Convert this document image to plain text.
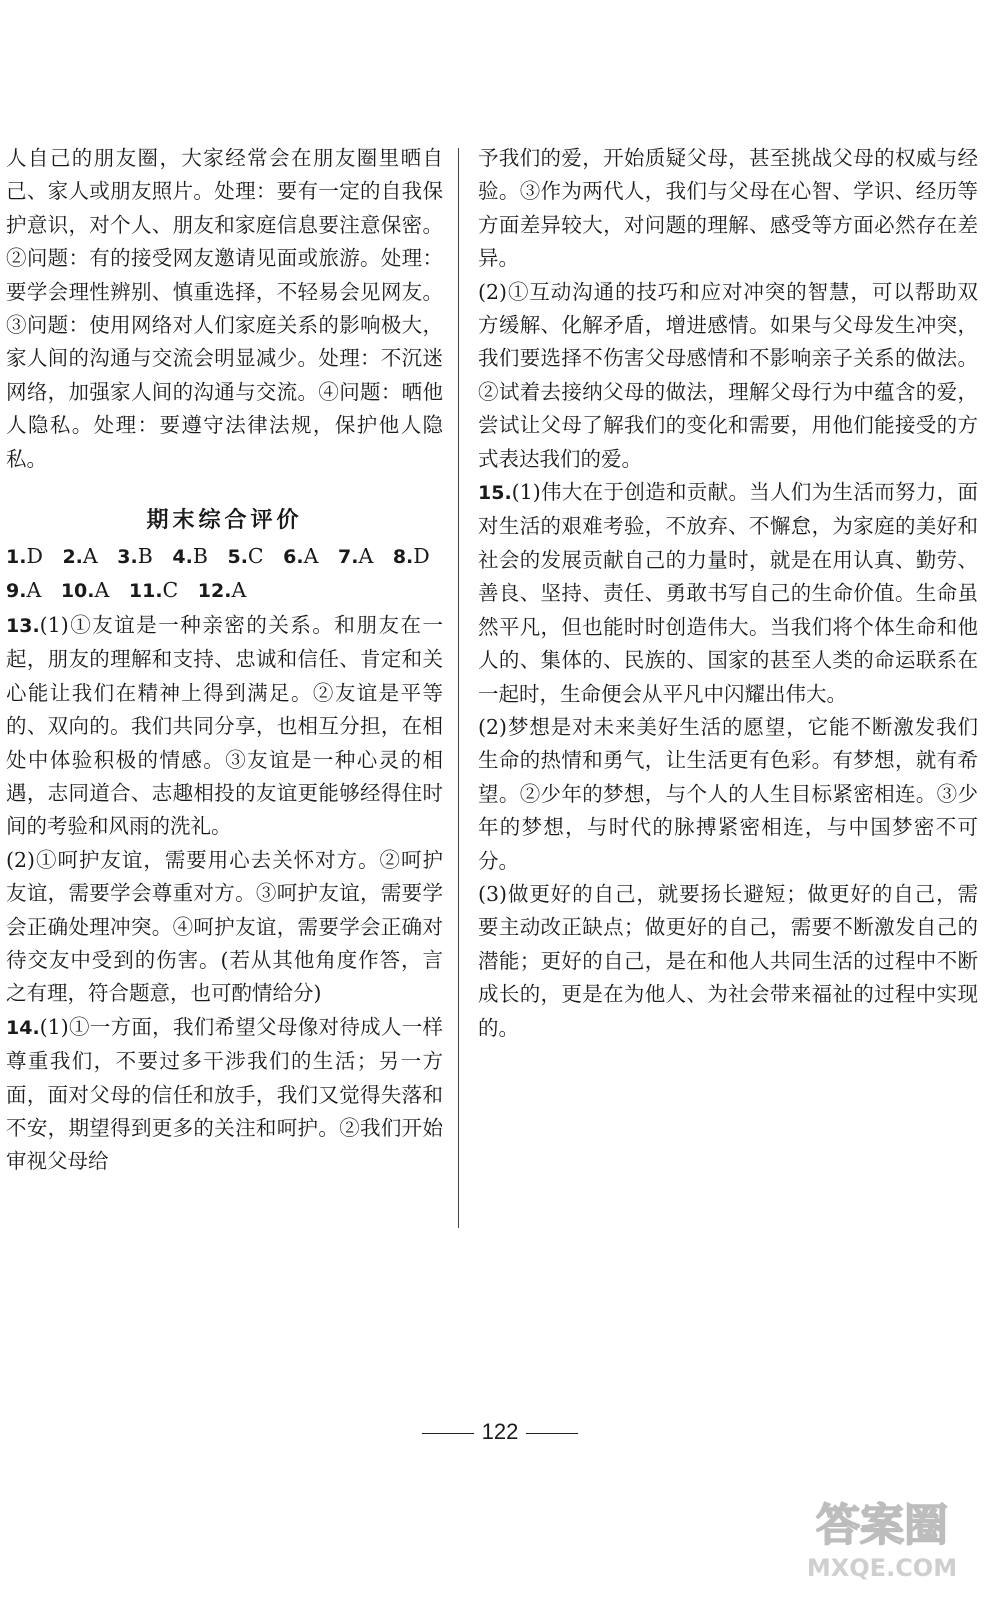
人自己的朋友圈，大家经常会在朋友圈里晒自己、家人或朋友照片。处理：要有一定的自我保护意识，对个人、朋友和家庭信息要注意保密。②问题：有的接受网友邀请见面或旅游。处理：要学会理性辨别、慎重选择，不轻易会见网友。③问题：使用网络对人们家庭关系的影响极大，家人间的沟通与交流会明显减少。处理：不沉迷网络，加强家人间的沟通与交流。④问题：晒他人隐私。处理：要遵守法律法规，保护他人隐私。

期末综合评价

1.D 2.A 3.B 4.B 5.C 6.A 7.A 8.D

9.A 10.A 11.C 12.A

13.(1)①友谊是一种亲密的关系。和朋友在一起，朋友的理解和支持、忠诚和信任、肯定和关心能让我们在精神上得到满足。②友谊是平等的、双向的。我们共同分享，也相互分担，在相处中体验积极的情感。③友谊是一种心灵的相遇，志同道合、志趣相投的友谊更能够经得住时间的考验和风雨的洗礼。

(2)①呵护友谊，需要用心去关怀对方。②呵护友谊，需要学会尊重对方。③呵护友谊，需要学会正确处理冲突。④呵护友谊，需要学会正确对待交友中受到的伤害。(若从其他角度作答，言之有理，符合题意，也可酌情给分)

14.(1)①一方面，我们希望父母像对待成人一样尊重我们，不要过多干涉我们的生活；另一方面，面对父母的信任和放手，我们又觉得失落和不安，期望得到更多的关注和呵护。②我们开始审视父母给

予我们的爱，开始质疑父母，甚至挑战父母的权威与经验。③作为两代人，我们与父母在心智、学识、经历等方面差异较大，对问题的理解、感受等方面必然存在差异。

(2)①互动沟通的技巧和应对冲突的智慧，可以帮助双方缓解、化解矛盾，增进感情。如果与父母发生冲突，我们要选择不伤害父母感情和不影响亲子关系的做法。②试着去接纳父母的做法，理解父母行为中蕴含的爱，尝试让父母了解我们的变化和需要，用他们能接受的方式表达我们的爱。

15.(1)伟大在于创造和贡献。当人们为生活而努力，面对生活的艰难考验，不放弃、不懈怠，为家庭的美好和社会的发展贡献自己的力量时，就是在用认真、勤劳、善良、坚持、责任、勇敢书写自己的生命价值。生命虽然平凡，但也能时时创造伟大。当我们将个体生命和他人的、集体的、民族的、国家的甚至人类的命运联系在一起时，生命便会从平凡中闪耀出伟大。

(2)梦想是对未来美好生活的愿望，它能不断激发我们生命的热情和勇气，让生活更有色彩。有梦想，就有希望。②少年的梦想，与个人的人生目标紧密相连。③少年的梦想，与时代的脉搏紧密相连，与中国梦密不可分。

(3)做更好的自己，就要扬长避短；做更好的自己，需要主动改正缺点；做更好的自己，需要不断激发自己的潜能；更好的自己，是在和他人共同生活的过程中不断成长的，更是在为他人、为社会带来福祉的过程中实现的。

122
答案圈
MXQE.COM
